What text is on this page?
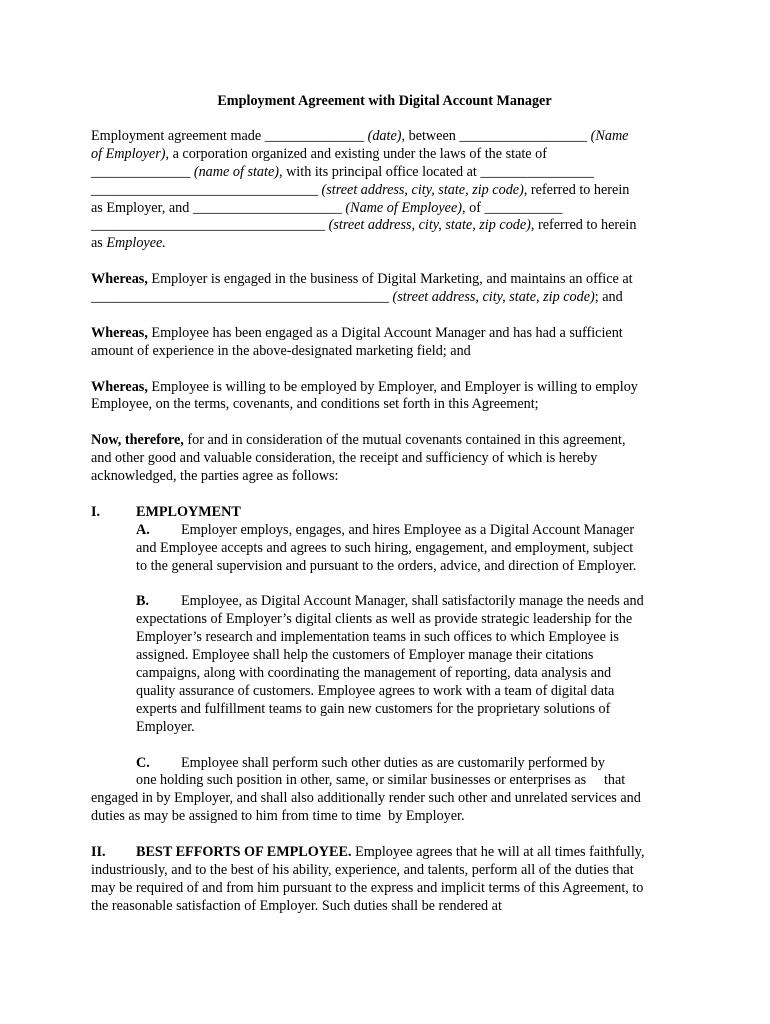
Employment Agreement with Digital Account Manager

Employment agreement made ______________ (date), between __________________ (Name
of Employer), a corporation organized and existing under the laws of the state of
______________ (name of state), with its principal office located at ________________
________________________________ (street address, city, state, zip code), referred to herein
as Employer, and _____________________ (Name of Employee), of ___________
_________________________________ (street address, city, state, zip code), referred to herein
as Employee.

Whereas, Employer is engaged in the business of Digital Marketing, and maintains an office at
__________________________________________ (street address, city, state, zip code); and

Whereas, Employee has been engaged as a Digital Account Manager and has had a sufficient
amount of experience in the above-designated marketing field; and

Whereas, Employee is willing to be employed by Employer, and Employer is willing to employ
Employee, on the terms, covenants, and conditions set forth in this Agreement;

Now, therefore, for and in consideration of the mutual covenants contained in this agreement,
and other good and valuable consideration, the receipt and sufficiency of which is hereby
acknowledged, the parties agree as follows:

I.	EMPLOYMENT
A. Employer employs, engages, and hires Employee as a Digital Account Manager
and Employee accepts and agrees to such hiring, engagement, and employment, subject
to the general supervision and pursuant to the orders, advice, and direction of Employer.
B. Employee, as Digital Account Manager, shall satisfactorily manage the needs and
expectations of Employer’s digital clients as well as provide strategic leadership for the
Employer’s research and implementation teams in such offices to which Employee is
assigned. Employee shall help the customers of Employer manage their citations
campaigns, along with coordinating the management of reporting, data analysis and
quality assurance of customers. Employee agrees to work with a team of digital data
experts and fulfillment teams to gain new customers for the proprietary solutions of
Employer.
C. Employee shall perform such other duties as are customarily performed by
one holding such position in other, same, or similar businesses or enterprises as     that
engaged in by Employer, and shall also additionally render such other and unrelated services and
duties as may be assigned to him from time to time  by Employer.
II. BEST EFFORTS OF EMPLOYEE. Employee agrees that he will at all times faithfully,
industriously, and to the best of his ability, experience, and talents, perform all of the duties that
may be required of and from him pursuant to the express and implicit terms of this Agreement, to
the reasonable satisfaction of Employer. Such duties shall be rendered at
